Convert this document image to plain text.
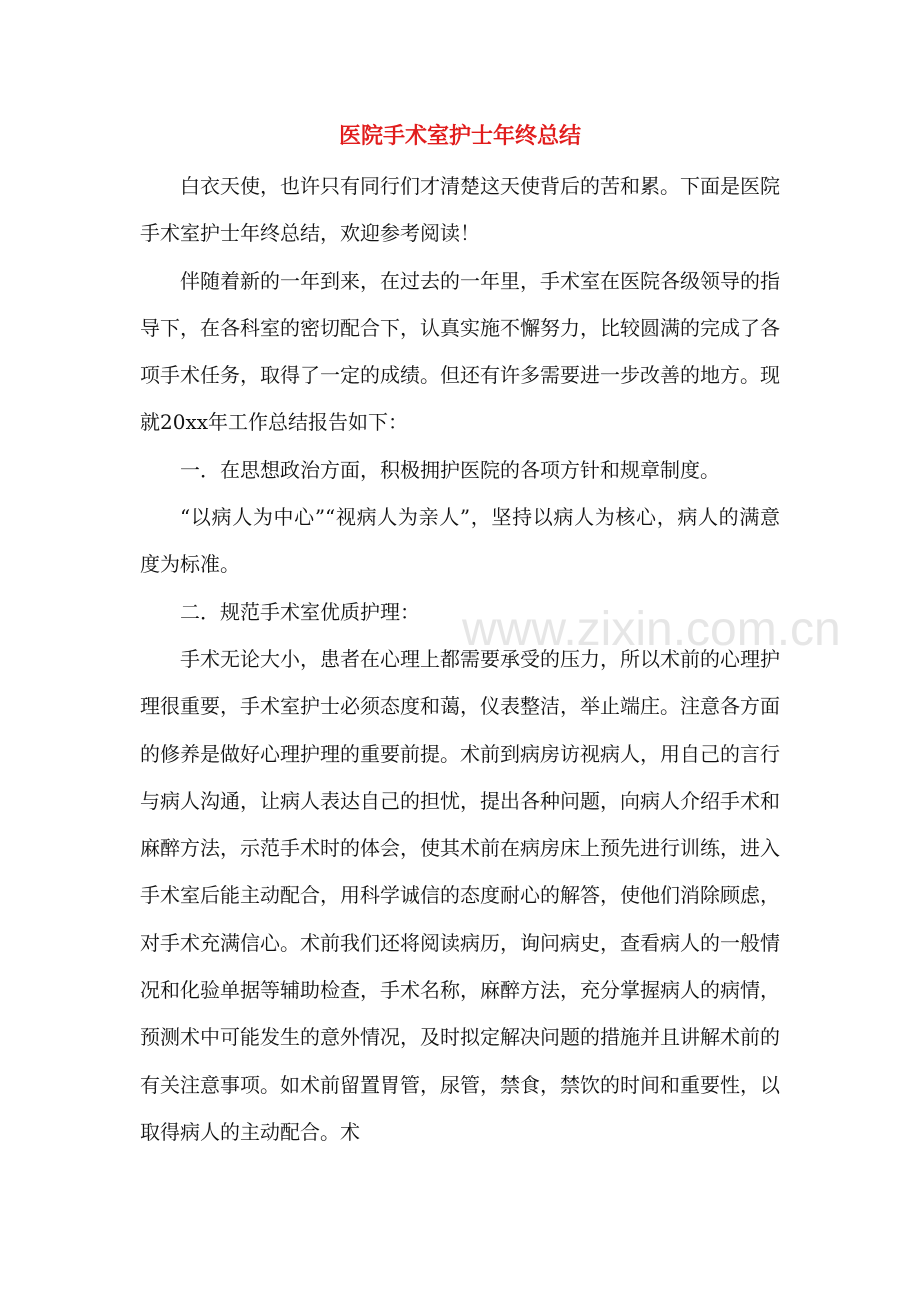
医院手术室护士年终总结

白衣天使，也许只有同行们才清楚这天使背后的苦和累。下面是医院手术室护士年终总结，欢迎参考阅读！

伴随着新的一年到来，在过去的一年里，手术室在医院各级领导的指导下，在各科室的密切配合下，认真实施不懈努力，比较圆满的完成了各项手术任务，取得了一定的成绩。但还有许多需要进一步改善的地方。现就20xx年工作总结报告如下：

一．在思想政治方面，积极拥护医院的各项方针和规章制度。

“以病人为中心”“视病人为亲人”，坚持以病人为核心，病人的满意度为标准。

二．规范手术室优质护理：

手术无论大小，患者在心理上都需要承受的压力，所以术前的心理护理很重要，手术室护士必须态度和蔼，仪表整洁，举止端庄。注意各方面的修养是做好心理护理的重要前提。术前到病房访视病人，用自己的言行与病人沟通，让病人表达自己的担忧，提出各种问题，向病人介绍手术和麻醉方法，示范手术时的体会，使其术前在病房床上预先进行训练，进入手术室后能主动配合，用科学诚信的态度耐心的解答，使他们消除顾虑，对手术充满信心。术前我们还将阅读病历，询问病史，查看病人的一般情况和化验单据等辅助检查，手术名称，麻醉方法，充分掌握病人的病情，预测术中可能发生的意外情况，及时拟定解决问题的措施并且讲解术前的有关注意事项。如术前留置胃管，尿管，禁食，禁饮的时间和重要性，以取得病人的主动配合。术

www.zixin.com.cn
